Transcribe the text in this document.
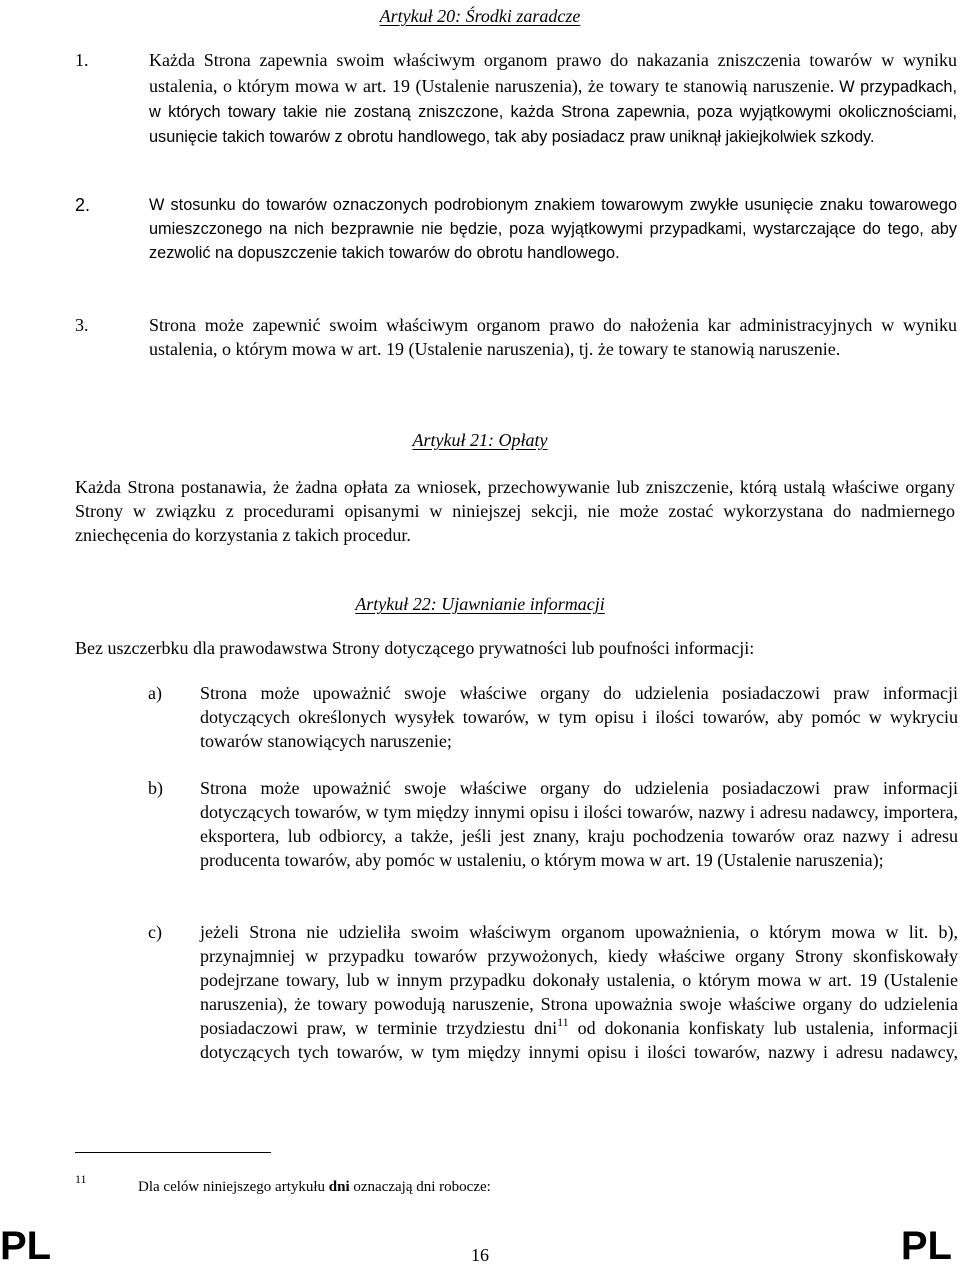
Artykuł 20: Środki zaradcze
1.	Każda Strona zapewnia swoim właściwym organom prawo do nakazania zniszczenia towarów w wyniku ustalenia, o którym mowa w art. 19 (Ustalenie naruszenia), że towary te stanowią naruszenie. W przypadkach, w których towary takie nie zostaną zniszczone, każda Strona zapewnia, poza wyjątkowymi okolicznościami, usunięcie takich towarów z obrotu handlowego, tak aby posiadacz praw uniknął jakiejkolwiek szkody.
2.	W stosunku do towarów oznaczonych podrobionym znakiem towarowym zwykłe usunięcie znaku towarowego umieszczonego na nich bezprawnie nie będzie, poza wyjątkowymi przypadkami, wystarczające do tego, aby zezwolić na dopuszczenie takich towarów do obrotu handlowego.
3.	Strona może zapewnić swoim właściwym organom prawo do nałożenia kar administracyjnych w wyniku ustalenia, o którym mowa w art. 19 (Ustalenie naruszenia), tj. że towary te stanowią naruszenie.
Artykuł 21: Opłaty
Każda Strona postanawia, że żadna opłata za wniosek, przechowywanie lub zniszczenie, którą ustalą właściwe organy Strony w związku z procedurami opisanymi w niniejszej sekcji, nie może zostać wykorzystana do nadmiernego zniechęcenia do korzystania z takich procedur.
Artykuł 22: Ujawnianie informacji
Bez uszczerbku dla prawodawstwa Strony dotyczącego prywatności lub poufności informacji:
a) Strona może upoważnić swoje właściwe organy do udzielenia posiadaczowi praw informacji dotyczących określonych wysyłek towarów, w tym opisu i ilości towarów, aby pomóc w wykryciu towarów stanowiących naruszenie;
b) Strona może upoważnić swoje właściwe organy do udzielenia posiadaczowi praw informacji dotyczących towarów, w tym między innymi opisu i ilości towarów, nazwy i adresu nadawcy, importera, eksportera, lub odbiorcy, a także, jeśli jest znany, kraju pochodzenia towarów oraz nazwy i adresu producenta towarów, aby pomóc w ustaleniu, o którym mowa w art. 19 (Ustalenie naruszenia);
c) jeżeli Strona nie udzieliła swoim właściwym organom upoważnienia, o którym mowa w lit. b), przynajmniej w przypadku towarów przywożonych, kiedy właściwe organy Strony skonfiskowały podejrzane towary, lub w innym przypadku dokonały ustalenia, o którym mowa w art. 19 (Ustalenie naruszenia), że towary powodują naruszenie, Strona upoważnia swoje właściwe organy do udzielenia posiadaczowi praw, w terminie trzydziestu dni$^{11}$ od dokonania konfiskaty lub ustalenia, informacji dotyczących tych towarów, w tym między innymi opisu i ilości towarów, nazwy i adresu nadawcy,
11	Dla celów niniejszego artykułu dni oznaczają dni robocze:
PL	16	PL
